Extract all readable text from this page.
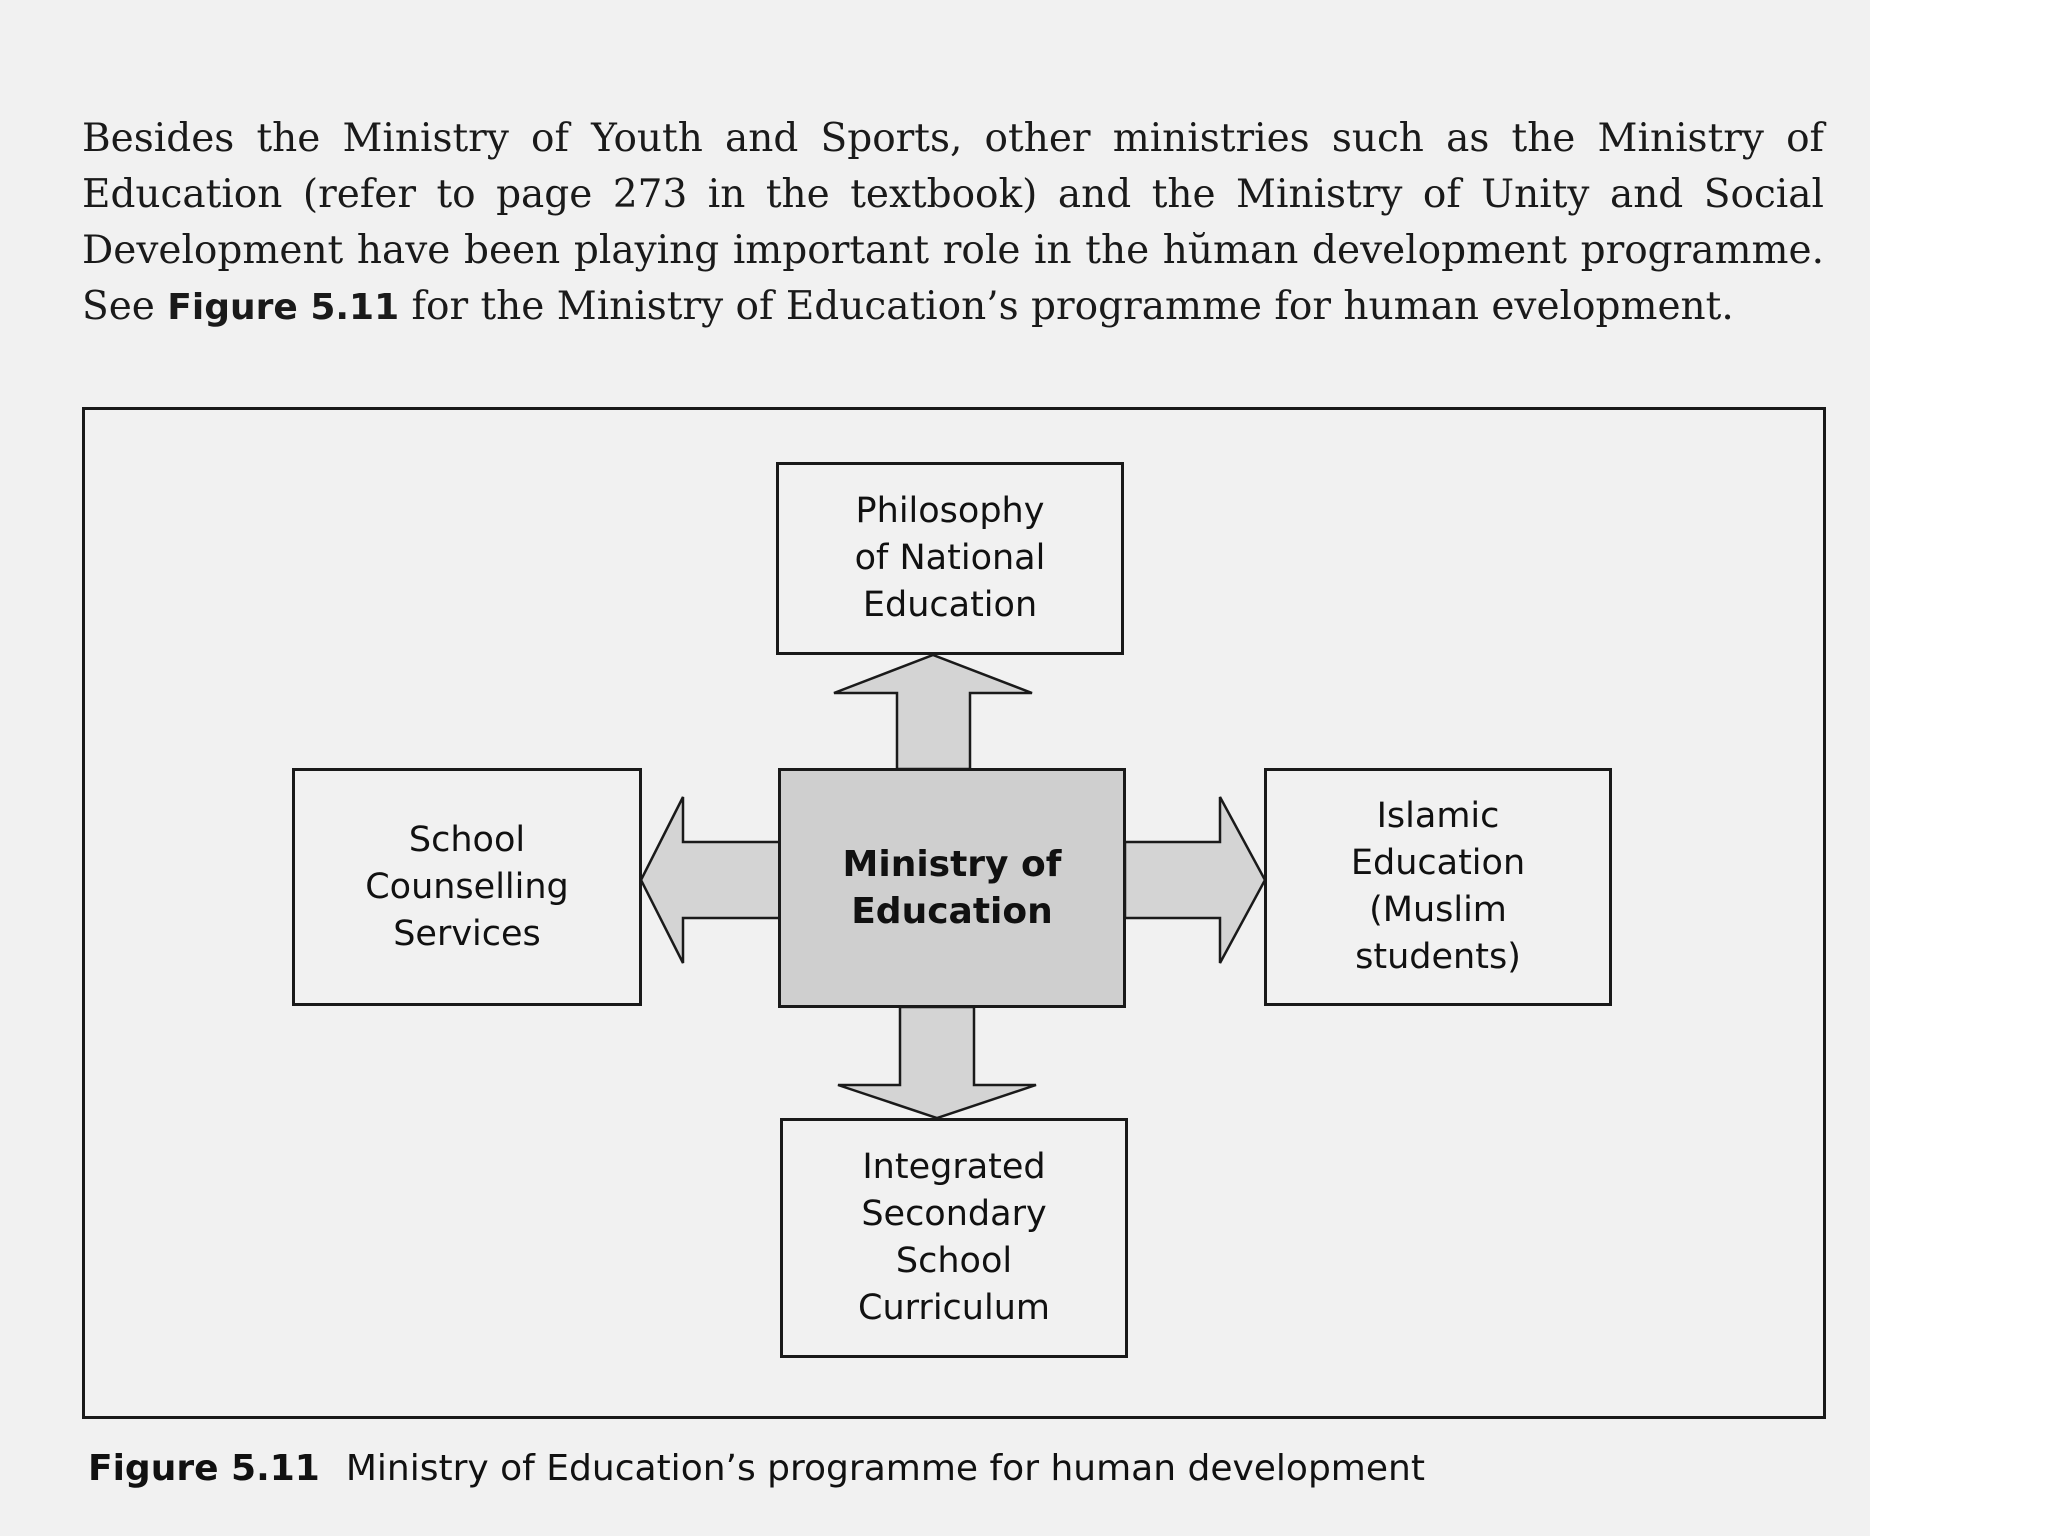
Besides the Ministry of Youth and Sports, other ministries such as the Ministry of Education (refer to page 273 in the textbook) and the Ministry of Unity and Social Development have been playing important role in the hŭman development programme. See Figure 5.11 for the Ministry of Education’s programme for human evelopment.

Ministry of
Education
Philosophy
of National
Education
School
Counselling
Services
Islamic
Education
(Muslim
students)
Integrated
Secondary
School
Curriculum
Figure 5.11 Ministry of Education’s programme for human development
